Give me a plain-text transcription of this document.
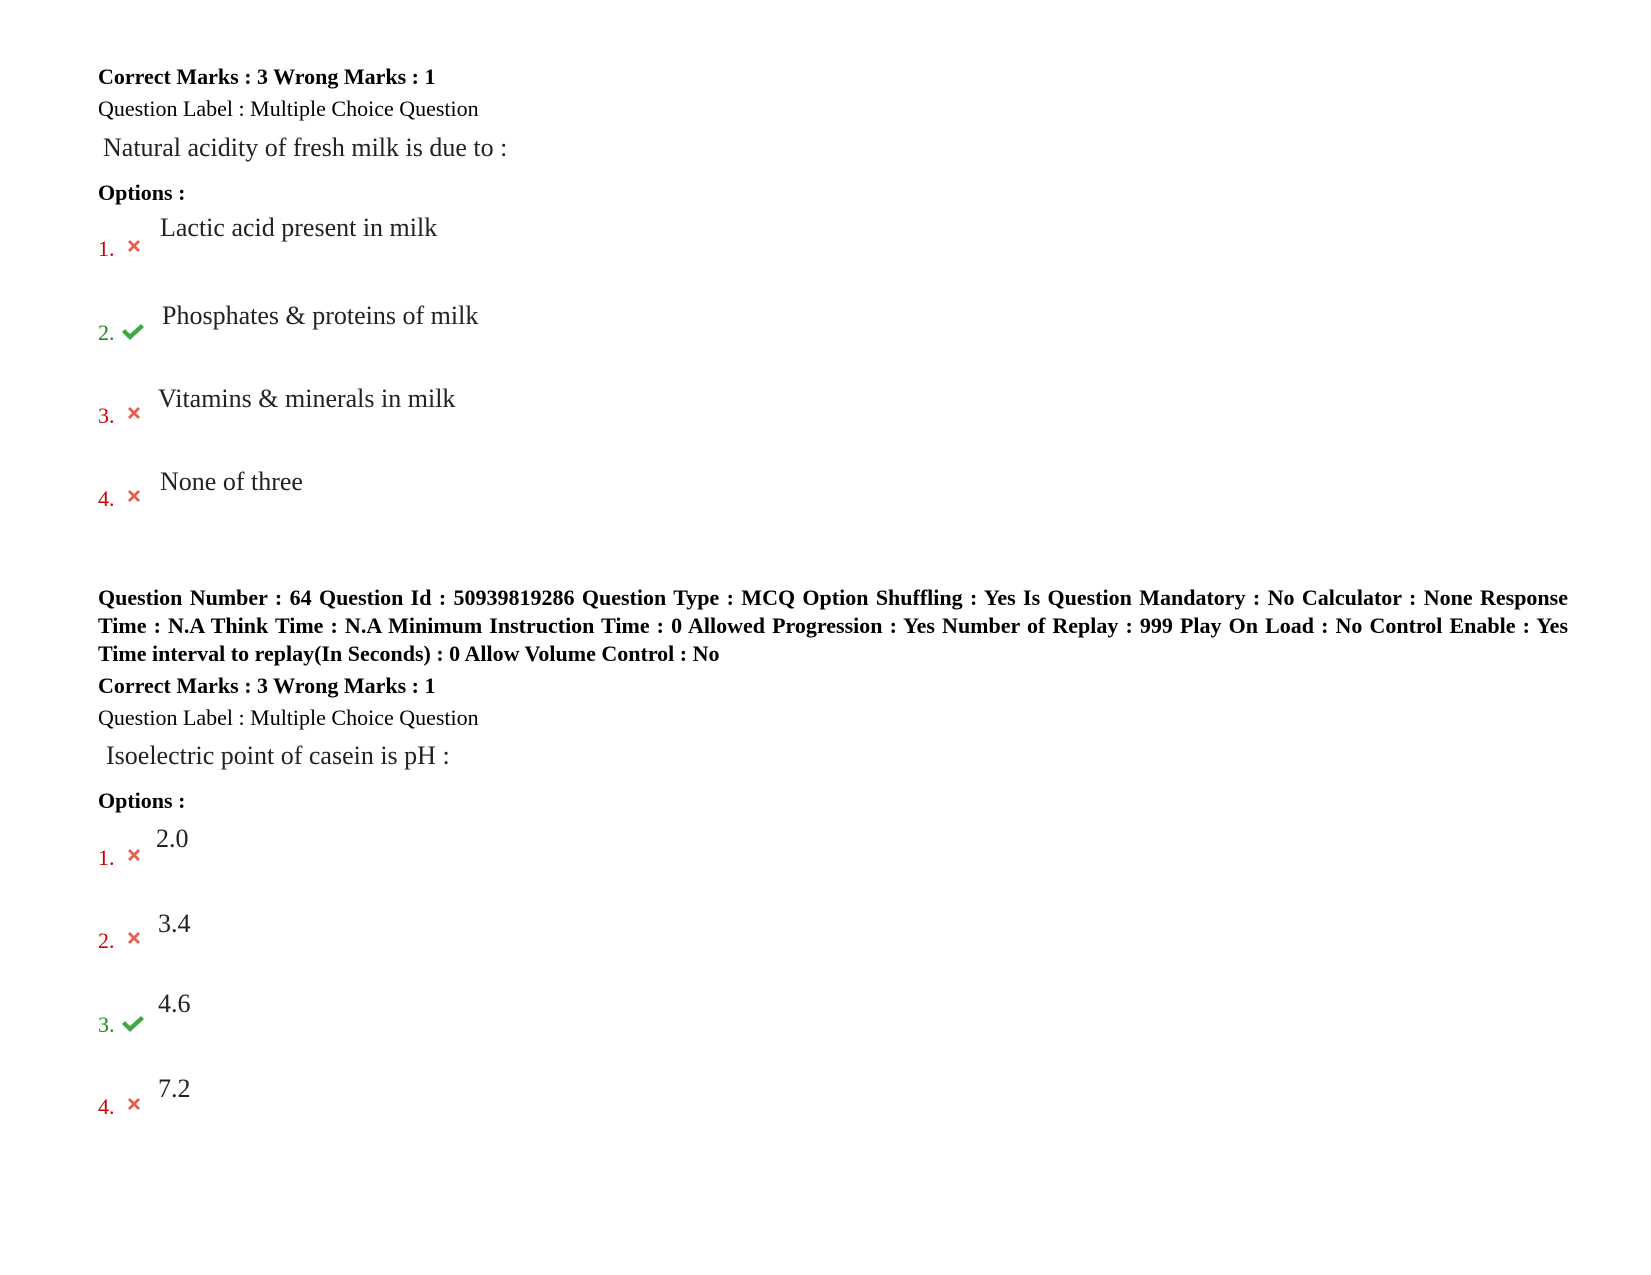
Correct Marks : 3 Wrong Marks : 1
Question Label : Multiple Choice Question
Natural acidity of fresh milk is due to :
Options :
1.
Lactic acid present in milk
2.
Phosphates & proteins of milk
3.
Vitamins & minerals in milk
4.
None of three
Question Number : 64 Question Id : 50939819286 Question Type : MCQ Option Shuffling : Yes Is Question Mandatory : No Calculator : None Response Time : N.A Think Time : N.A Minimum Instruction Time : 0 Allowed Progression : Yes Number of Replay : 999 Play On Load : No Control Enable : Yes Time interval to replay(In Seconds) : 0 Allow Volume Control : No
Correct Marks : 3 Wrong Marks : 1
Question Label : Multiple Choice Question
Isoelectric point of casein is pH :
Options :
1.
2.0
2.
3.4
3.
4.6
4.
7.2
